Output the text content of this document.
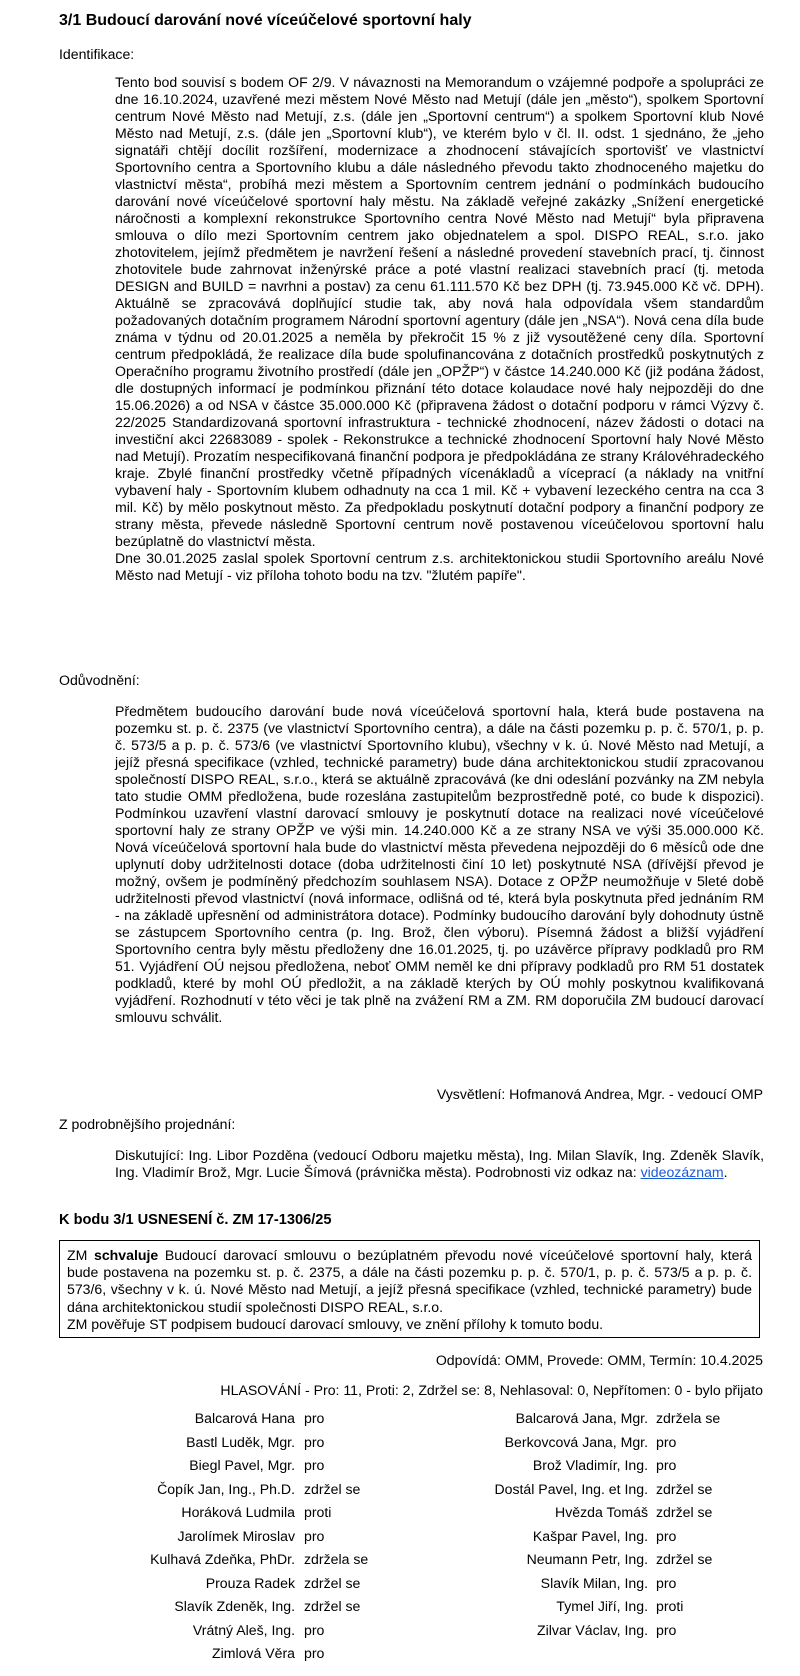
3/1 Budoucí darování nové víceúčelové sportovní haly
Identifikace:

Tento bod souvisí s bodem OF 2/9. V návaznosti na Memorandum o vzájemné podpoře a spolupráci ze dne 16.10.2024, uzavřené mezi městem Nové Město nad Metují (dále jen „město“), spolkem Sportovní centrum Nové Město nad Metují, z.s. (dále jen „Sportovní centrum“) a spolkem Sportovní klub Nové Město nad Metují, z.s. (dále jen „Sportovní klub“), ve kterém bylo v čl. II. odst. 1 sjednáno, že „jeho signatáři chtějí docílit rozšíření, modernizace a zhodnocení stávajících sportovišť ve vlastnictví Sportovního centra a Sportovního klubu a dále následného převodu takto zhodnoceného majetku do vlastnictví města“, probíhá mezi městem a Sportovním centrem jednání o podmínkách budoucího darování nové víceúčelové sportovní haly městu. Na základě veřejné zakázky „Snížení energetické náročnosti a komplexní rekonstrukce Sportovního centra Nové Město nad Metují“ byla připravena smlouva o dílo mezi Sportovním centrem jako objednatelem a spol. DISPO REAL, s.r.o. jako zhotovitelem, jejímž předmětem je navržení řešení a následné provedení stavebních prací, tj. činnost zhotovitele bude zahrnovat inženýrské práce a poté vlastní realizaci stavebních prací (tj. metoda DESIGN and BUILD = navrhni a postav) za cenu 61.111.570 Kč bez DPH (tj. 73.945.000 Kč vč. DPH). Aktuálně se zpracovává doplňující studie tak, aby nová hala odpovídala všem standardům požadovaných dotačním programem Národní sportovní agentury (dále jen „NSA“). Nová cena díla bude známa v týdnu od 20.01.2025 a neměla by překročit 15 % z již vysoutěžené ceny díla. Sportovní centrum předpokládá, že realizace díla bude spolufinancována z dotačních prostředků poskytnutých z Operačního programu životního prostředí (dále jen „OPŽP“) v částce 14.240.000 Kč (již podána žádost, dle dostupných informací je podmínkou přiznání této dotace kolaudace nové haly nejpozději do dne 15.06.2026) a od NSA v částce 35.000.000 Kč (připravena žádost o dotační podporu v rámci Výzvy č. 22/2025 Standardizovaná sportovní infrastruktura - technické zhodnocení, název žádosti o dotaci na investiční akci 22683089 - spolek - Rekonstrukce a technické zhodnocení Sportovní haly Nové Město nad Metují). Prozatím nespecifikovaná finanční podpora je předpokládána ze strany Královéhradeckého kraje. Zbylé finanční prostředky včetně případných vícenákladů a víceprací (a náklady na vnitřní vybavení haly - Sportovním klubem odhadnuty na cca 1 mil. Kč + vybavení lezeckého centra na cca 3 mil. Kč) by mělo poskytnout město. Za předpokladu poskytnutí dotační podpory a finanční podpory ze strany města, převede následně Sportovní centrum nově postavenou víceúčelovou sportovní halu bezúplatně do vlastnictví města.

Dne 30.01.2025 zaslal spolek Sportovní centrum z.s. architektonickou studii Sportovního areálu Nové Město nad Metují - viz příloha tohoto bodu na tzv. "žlutém papíře".

Odůvodnění:

Předmětem budoucího darování bude nová víceúčelová sportovní hala, která bude postavena na pozemku st. p. č. 2375 (ve vlastnictví Sportovního centra), a dále na části pozemku p. p. č. 570/1, p. p. č. 573/5 a p. p. č. 573/6 (ve vlastnictví Sportovního klubu), všechny v k. ú. Nové Město nad Metují, a jejíž přesná specifikace (vzhled, technické parametry) bude dána architektonickou studií zpracovanou společností DISPO REAL, s.r.o., která se aktuálně zpracovává (ke dni odeslání pozvánky na ZM nebyla tato studie OMM předložena, bude rozeslána zastupitelům bezprostředně poté, co bude k dispozici). Podmínkou uzavření vlastní darovací smlouvy je poskytnutí dotace na realizaci nové víceúčelové sportovní haly ze strany OPŽP ve výši min. 14.240.000 Kč a ze strany NSA ve výši 35.000.000 Kč. Nová víceúčelová sportovní hala bude do vlastnictví města převedena nejpozději do 6 měsíců ode dne uplynutí doby udržitelnosti dotace (doba udržitelnosti činí 10 let) poskytnuté NSA (dřívější převod je možný, ovšem je podmíněný předchozím souhlasem NSA). Dotace z OPŽP neumožňuje v 5leté době udržitelnosti převod vlastnictví (nová informace, odlišná od té, která byla poskytnuta před jednáním RM - na základě upřesnění od administrátora dotace). Podmínky budoucího darování byly dohodnuty ústně se zástupcem Sportovního centra (p. Ing. Brož, člen výboru). Písemná žádost a bližší vyjádření Sportovního centra byly městu předloženy dne 16.01.2025, tj. po uzávěrce přípravy podkladů pro RM 51. Vyjádření OÚ nejsou předložena, neboť OMM neměl ke dni přípravy podkladů pro RM 51 dostatek podkladů, které by mohl OÚ předložit, a na základě kterých by OÚ mohly poskytnou kvalifikovaná vyjádření. Rozhodnutí v této věci je tak plně na zvážení RM a ZM. RM doporučila ZM budoucí darovací smlouvu schválit.

Vysvětlení: Hofmanová Andrea, Mgr. - vedoucí OMP
Z podrobnějšího projednání:

Diskutující: Ing. Libor Pozděna (vedoucí Odboru majetku města), Ing. Milan Slavík, Ing. Zdeněk Slavík, Ing. Vladimír Brož, Mgr. Lucie Šímová (právnička města). Podrobnosti viz odkaz na: videozáznam.

K bodu 3/1 USNESENÍ č. ZM 17-1306/25

ZM schvaluje Budoucí darovací smlouvu o bezúplatném převodu nové víceúčelové sportovní haly, která bude postavena na pozemku st. p. č. 2375, a dále na části pozemku p. p. č. 570/1, p. p. č. 573/5 a p. p. č. 573/6, všechny v k. ú. Nové Město nad Metují, a jejíž přesná specifikace (vzhled, technické parametry) bude dána architektonickou studií společnosti DISPO REAL, s.r.o.

ZM pověřuje ST podpisem budoucí darovací smlouvy, ve znění přílohy k tomuto bodu.

Odpovídá: OMM, Provede: OMM, Termín: 10.4.2025
HLASOVÁNÍ - Pro: 11, Proti: 2, Zdržel se: 8, Nehlasoval: 0, Nepřítomen: 0 - bylo přijato
Balcarová Hana pro	Balcarová Jana, Mgr. zdržela se
Bastl Luděk, Mgr. pro	Berkovcová Jana, Mgr. pro
Biegl Pavel, Mgr. pro	Brož Vladimír, Ing. pro
Čopík Jan, Ing., Ph.D. zdržel se	Dostál Pavel, Ing. et Ing. zdržel se
Horáková Ludmila proti	Hvězda Tomáš zdržel se
Jarolímek Miroslav pro	Kašpar Pavel, Ing. pro
Kulhavá Zdeňka, PhDr. zdržela se	Neumann Petr, Ing. zdržel se
Prouza Radek zdržel se	Slavík Milan, Ing. pro
Slavík Zdeněk, Ing. zdržel se	Tymel Jiří, Ing. proti
Vrátný Aleš, Ing. pro	Zilvar Václav, Ing. pro
Zimlová Věra pro
